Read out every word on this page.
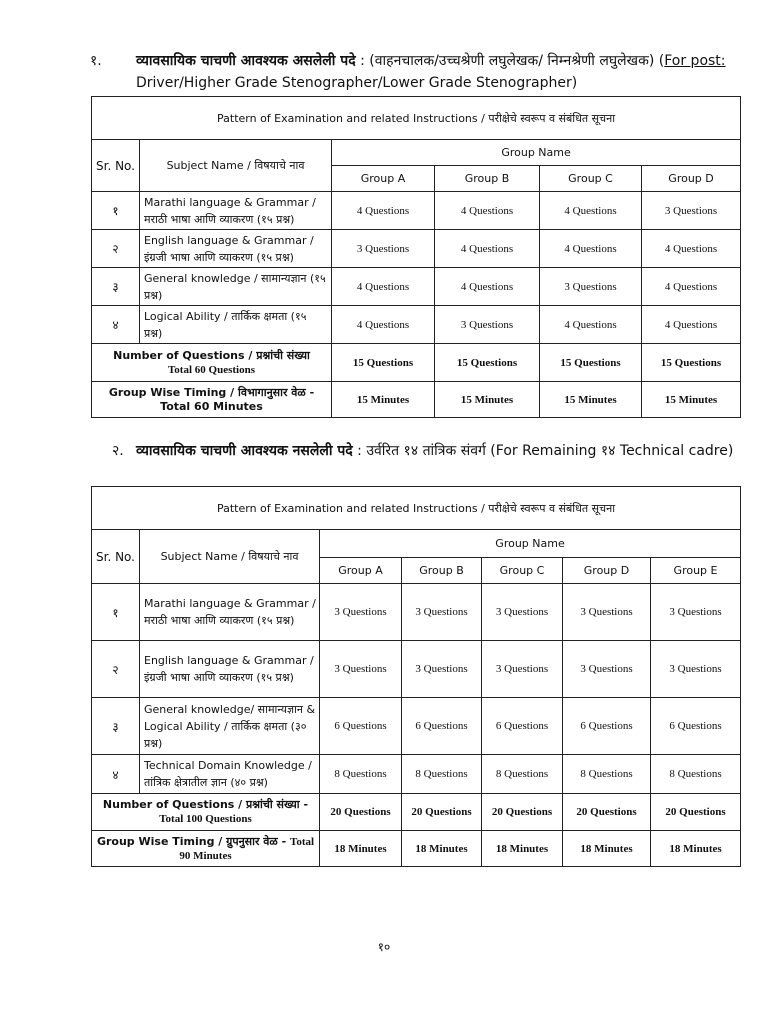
१. व्यावसायिक चाचणी आवश्यक असलेली पदे : (वाहनचालक/उच्चश्रेणी लघुलेखक/ निम्नश्रेणी लघुलेखक) (For post: Driver/Higher Grade Stenographer/Lower Grade Stenographer)
Pattern of Examination and related Instructions / परीक्षेचे स्वरूप व संबंधित सूचना					
Sr. No.	Subject Name / विषयाचे नाव	Group Name			
		Group A	Group B	Group C	Group D
१	Marathi language & Grammar / मराठी भाषा आणि व्याकरण (१५ प्रश्न)	4 Questions	4 Questions	4 Questions	3 Questions
२	English language & Grammar / इंग्रजी भाषा आणि व्याकरण (१५ प्रश्न)	3 Questions	4 Questions	4 Questions	4 Questions
३	General knowledge / सामान्यज्ञान (१५ प्रश्न)	4 Questions	4 Questions	3 Questions	4 Questions
४	Logical Ability / तार्किक क्षमता (१५ प्रश्न)	4 Questions	3 Questions	4 Questions	4 Questions
Number of Questions / प्रश्नांची संख्या
Total 60 Questions		15 Questions	15 Questions	15 Questions	15 Questions
Group Wise Timing / विभागानुसार वेळ - Total 60 Minutes		15 Minutes	15 Minutes	15 Minutes	15 Minutes
२. व्यावसायिक चाचणी आवश्यक नसलेली पदे : उर्वरित १४ तांत्रिक संवर्ग (For Remaining १४ Technical cadre)
Pattern of Examination and related Instructions / परीक्षेचे स्वरूप व संबंधित सूचना						
Sr. No.	Subject Name / विषयाचे नाव	Group Name				
		Group A	Group B	Group C	Group D	Group E
१	Marathi language & Grammar / मराठी भाषा आणि व्याकरण (१५ प्रश्न)	3 Questions	3 Questions	3 Questions	3 Questions	3 Questions
२	English language & Grammar / इंग्रजी भाषा आणि व्याकरण (१५ प्रश्न)	3 Questions	3 Questions	3 Questions	3 Questions	3 Questions
३	General knowledge/ सामान्यज्ञान & Logical Ability / तार्किक क्षमता (३० प्रश्न)	6 Questions	6 Questions	6 Questions	6 Questions	6 Questions
४	Technical Domain Knowledge / तांत्रिक क्षेत्रातील ज्ञान (४० प्रश्न)	8 Questions	8 Questions	8 Questions	8 Questions	8 Questions
Number of Questions / प्रश्नांची संख्या -
Total 100 Questions		20 Questions	20 Questions	20 Questions	20 Questions	20 Questions
Group Wise Timing / ग्रुपनुसार वेळ - Total 90 Minutes		18 Minutes	18 Minutes	18 Minutes	18 Minutes	18 Minutes
१०
